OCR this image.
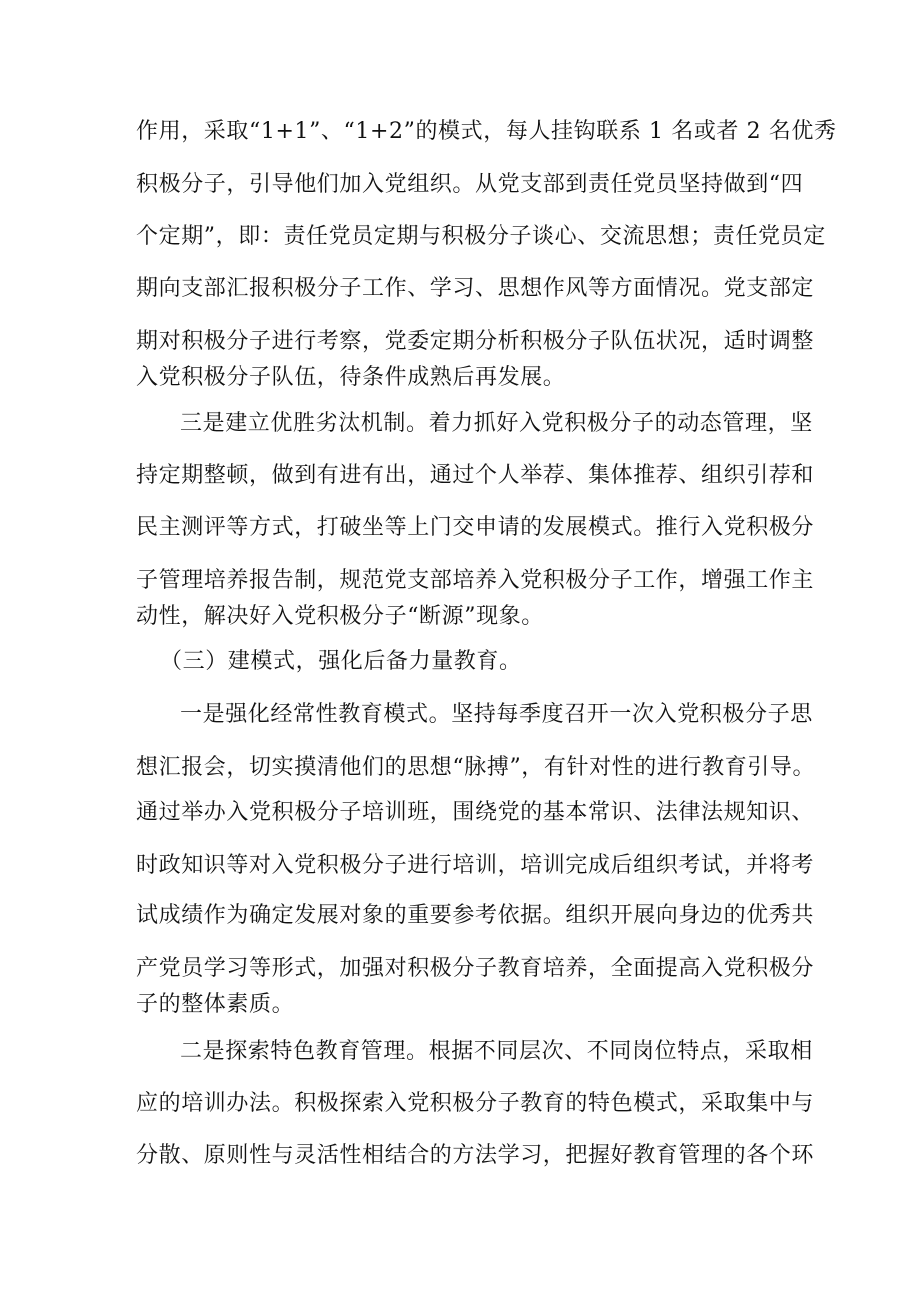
作用，采取“1+1”、“1+2”的模式，每人挂钩联系 1 名或者 2 名优秀
积极分子，引导他们加入党组织。从党支部到责任党员坚持做到“四
个定期”，即：责任党员定期与积极分子谈心、交流思想；责任党员定
期向支部汇报积极分子工作、学习、思想作风等方面情况。党支部定
期对积极分子进行考察，党委定期分析积极分子队伍状况，适时调整
入党积极分子队伍，待条件成熟后再发展。
三是建立优胜劣汰机制。着力抓好入党积极分子的动态管理，坚
持定期整顿，做到有进有出，通过个人举荐、集体推荐、组织引荐和
民主测评等方式，打破坐等上门交申请的发展模式。推行入党积极分
子管理培养报告制，规范党支部培养入党积极分子工作，增强工作主
动性，解决好入党积极分子“断源”现象。
（三）建模式，强化后备力量教育。
一是强化经常性教育模式。坚持每季度召开一次入党积极分子思
想汇报会，切实摸清他们的思想“脉搏”，有针对性的进行教育引导。
通过举办入党积极分子培训班，围绕党的基本常识、法律法规知识、
时政知识等对入党积极分子进行培训，培训完成后组织考试，并将考
试成绩作为确定发展对象的重要参考依据。组织开展向身边的优秀共
产党员学习等形式，加强对积极分子教育培养，全面提高入党积极分
子的整体素质。
二是探索特色教育管理。根据不同层次、不同岗位特点，采取相
应的培训办法。积极探索入党积极分子教育的特色模式，采取集中与
分散、原则性与灵活性相结合的方法学习，把握好教育管理的各个环
